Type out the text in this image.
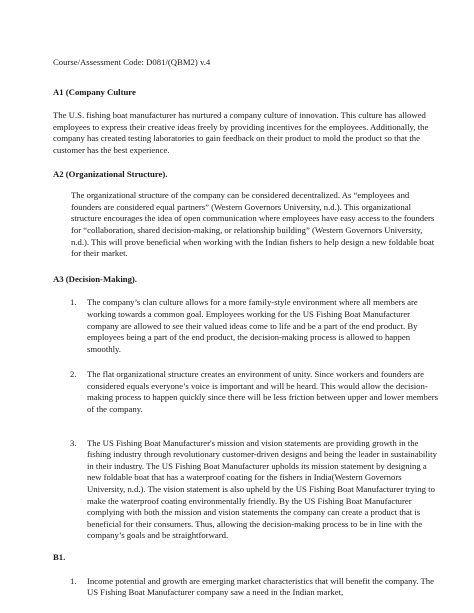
Course/Assessment Code: D081/(QBM2) v.4

A1 (Company Culture

The U.S. fishing boat manufacturer has nurtured a company culture of innovation. This culture has allowed employees to express their creative ideas freely by providing incentives for the employees. Additionally, the company has created testing laboratories to gain feedback on their product to mold the product so that the customer has the best experience.

A2 (Organizational Structure).

The organizational structure of the company can be considered decentralized. As “employees and founders are considered equal partners” (Western Governors University, n.d.). This organizational structure encourages the idea of open communication where employees have easy access to the founders for “collaboration, shared decision-making, or relationship building” (Western Governors University, n.d.). This will prove beneficial when working with the Indian fishers to help design a new foldable boat for their market.

A3 (Decision-Making).

1.	The company’s clan culture allows for a more family-style environment where all members are working towards a common goal. Employees working for the US Fishing Boat Manufacturer company are allowed to see their valued ideas come to life and be a part of the end product. By employees being a part of the end product, the decision-making process is allowed to happen smoothly.
2.	The flat organizational structure creates an environment of unity. Since workers and founders are considered equals everyone’s voice is important and will be heard. This would allow the decision-making process to happen quickly since there will be less friction between upper and lower members of the company.
3.	The US Fishing Boat Manufacturer's mission and vision statements are providing growth in the fishing industry through revolutionary customer-driven designs and being the leader in sustainability in their industry. The US Fishing Boat Manufacturer upholds its mission statement by designing a new foldable boat that has a waterproof coating for the fishers in India(Western Governors University, n.d.). The vision statement is also upheld by the US Fishing Boat Manufacturer trying to make the waterproof coating environmentally friendly. By the US Fishing Boat Manufacturer complying with both the mission and vision statements the company can create a product that is beneficial for their consumers. Thus, allowing the decision-making process to be in line with the company’s goals and be straightforward.

B1.

1.	Income potential and growth are emerging market characteristics that will benefit the company. The US Fishing Boat Manufacturer company saw a need in the Indian market,
